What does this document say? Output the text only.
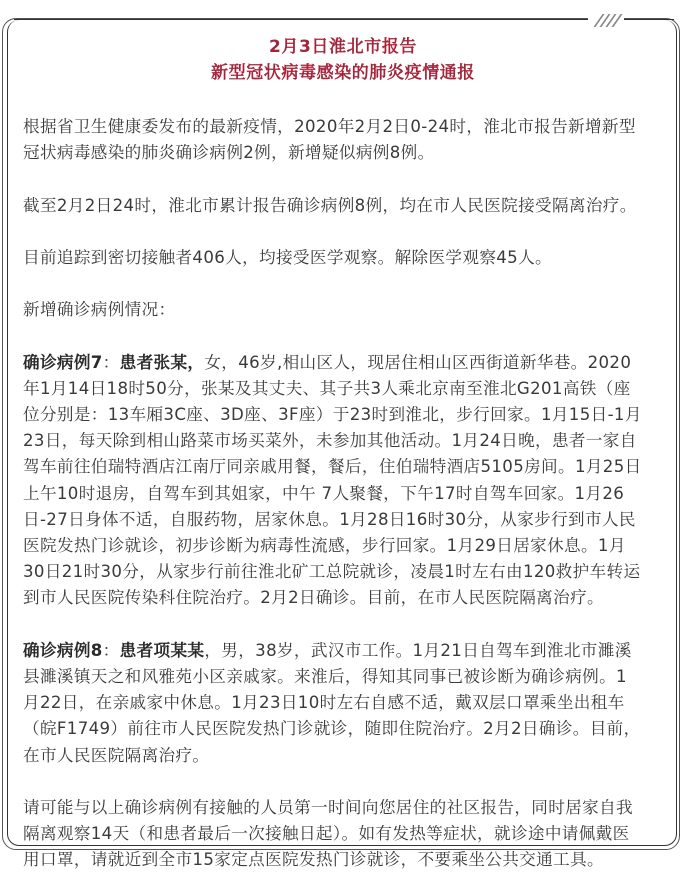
2月3日淮北市报告
新型冠状病毒感染的肺炎疫情通报
根据省卫生健康委发布的最新疫情，2020年2月2日0-24时，淮北市报告新增新型
冠状病毒感染的肺炎确诊病例2例，新增疑似病例8例。
截至2月2日24时，淮北市累计报告确诊病例8例，均在市人民医院接受隔离治疗。
目前追踪到密切接触者406人，均接受医学观察。解除医学观察45人。
新增确诊病例情况：
确诊病例7：患者张某，女，46岁,相山区人，现居住相山区西街道新华巷。2020
年1月14日18时50分，张某及其丈夫、其子共3人乘北京南至淮北G201高铁（座
位分别是：13车厢3C座、3D座、3F座）于23时到淮北，步行回家。1月15日-1月
23日，每天除到相山路菜市场买菜外，未参加其他活动。1月24日晚，患者一家自
驾车前往伯瑞特酒店江南厅同亲戚用餐，餐后，住伯瑞特酒店5105房间。1月25日
上午10时退房，自驾车到其姐家，中午 7人聚餐，下午17时自驾车回家。1月26
日-27日身体不适，自服药物，居家休息。1月28日16时30分，从家步行到市人民
医院发热门诊就诊，初步诊断为病毒性流感，步行回家。1月29日居家休息。1月
30日21时30分，从家步行前往淮北矿工总院就诊，凌晨1时左右由120救护车转运
到市人民医院传染科住院治疗。2月2日确诊。目前，在市人民医院隔离治疗。
确诊病例8：患者项某某，男，38岁，武汉市工作。1月21日自驾车到淮北市濉溪
县濉溪镇天之和风雅苑小区亲戚家。来淮后，得知其同事已被诊断为确诊病例。1
月22日，在亲戚家中休息。1月23日10时左右自感不适，戴双层口罩乘坐出租车
（皖F1749）前往市人民医院发热门诊就诊，随即住院治疗。2月2日确诊。目前，
在市人民医院隔离治疗。
请可能与以上确诊病例有接触的人员第一时间向您居住的社区报告，同时居家自我
隔离观察14天（和患者最后一次接触日起）。如有发热等症状，就诊途中请佩戴医
用口罩，请就近到全市15家定点医院发热门诊就诊，不要乘坐公共交通工具。
